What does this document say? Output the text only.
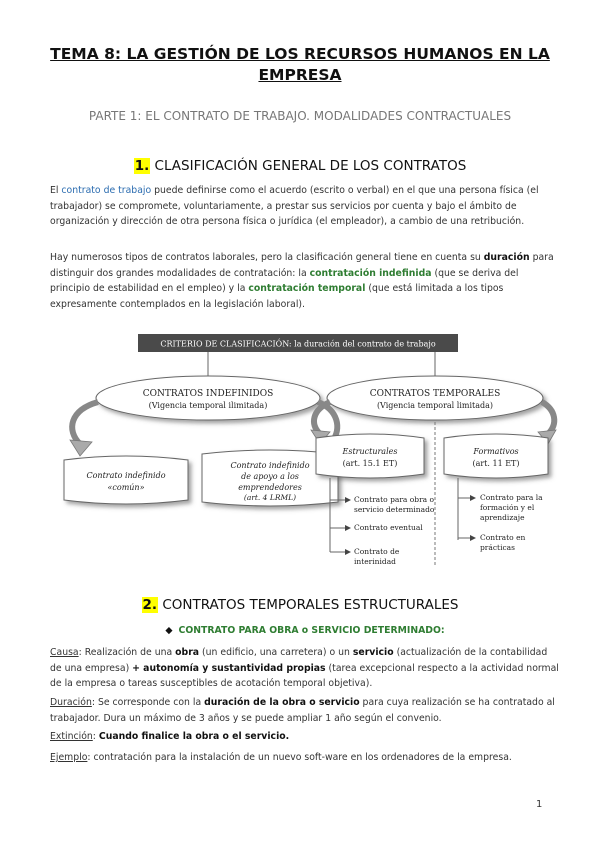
TEMA 8: LA GESTIÓN DE LOS RECURSOS HUMANOS EN LA EMPRESA
PARTE 1: EL CONTRATO DE TRABAJO. MODALIDADES CONTRACTUALES
1. CLASIFICACIÓN GENERAL DE LOS CONTRATOS
El contrato de trabajo puede definirse como el acuerdo (escrito o verbal) en el que una persona física (el trabajador) se compromete, voluntariamente, a prestar sus servicios por cuenta y bajo el ámbito de organización y dirección de otra persona física o jurídica (el empleador), a cambio de una retribución.
Hay numerosos tipos de contratos laborales, pero la clasificación general tiene en cuenta su duración para distinguir dos grandes modalidades de contratación: la contratación indefinida (que se deriva del principio de estabilidad en el empleo) y la contratación temporal (que está limitada a los tipos expresamente contemplados en la legislación laboral).
CRITERIO DE CLASIFICACIÓN: la duración del contrato de trabajo
CONTRATOS INDEFINIDOS
(Vigencia temporal ilimitada)
CONTRATOS TEMPORALES
(Vigencia temporal limitada)
Contrato indefinido
«común»
Contrato indefinido
de apoyo a los
emprendedores
(art. 4 LRML)
Estructurales
(art. 15.1 ET)
Formativos
(art. 11 ET)
Contrato para obra o
servicio determinado
Contrato eventual
Contrato de
interinidad
Contrato para la
formación y el
aprendizaje
Contrato en
prácticas
2. CONTRATOS TEMPORALES ESTRUCTURALES
◆ CONTRATO PARA OBRA o SERVICIO DETERMINADO:
Causa: Realización de una obra (un edificio, una carretera) o un servicio (actualización de la contabilidad de una empresa) + autonomía y sustantividad propias (tarea excepcional respecto a la actividad normal de la empresa o tareas susceptibles de acotación temporal objetiva).
Duración: Se corresponde con la duración de la obra o servicio para cuya realización se ha contratado al trabajador. Dura un máximo de 3 años y se puede ampliar 1 año según el convenio.
Extinción: Cuando finalice la obra o el servicio.
Ejemplo: contratación para la instalación de un nuevo soft-ware en los ordenadores de la empresa.
1
